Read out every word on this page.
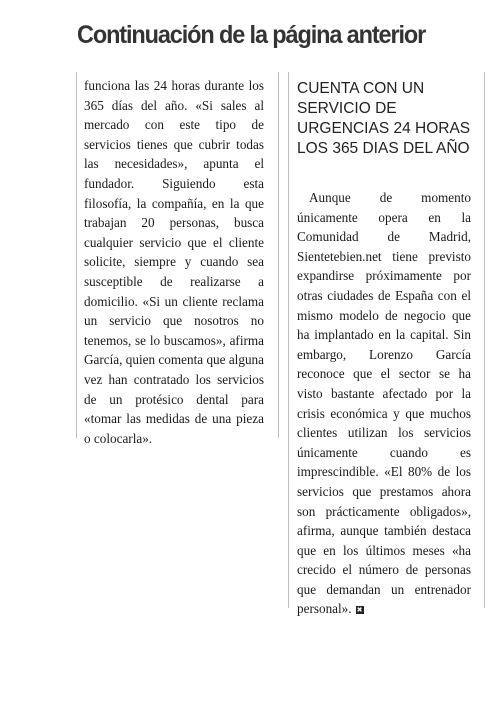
Continuación de la página anterior
funciona las 24 horas durante los 365 días del año. «Si sales al mercado con este tipo de servicios tienes que cubrir todas las necesidades», apunta el fundador. Siguiendo esta filosofía, la compañía, en la que trabajan 20 personas, busca cualquier servicio que el cliente solicite, siempre y cuando sea susceptible de realizarse a domicilio. «Si un cliente reclama un servicio que nosotros no tenemos, se lo buscamos», afirma García, quien comenta que alguna vez han contratado los servicios de un protésico dental para «tomar las medidas de una pieza o colocarla».
CUENTA CON UN SERVICIO DE URGENCIAS 24 HORAS LOS 365 DIAS DEL AÑO
Aunque de momento únicamente opera en la Comunidad de Madrid, Sientetebien.net tiene previsto expandirse próximamente por otras ciudades de España con el mismo modelo de negocio que ha implantado en la capital. Sin embargo, Lorenzo García reconoce que el sector se ha visto bastante afectado por la crisis económica y que muchos clientes utilizan los servicios únicamente cuando es imprescindible. «El 80% de los servicios que prestamos ahora son prácticamente obligados», afirma, aunque también destaca que en los últimos meses «ha crecido el número de personas que demandan un entrenador personal». ✖
